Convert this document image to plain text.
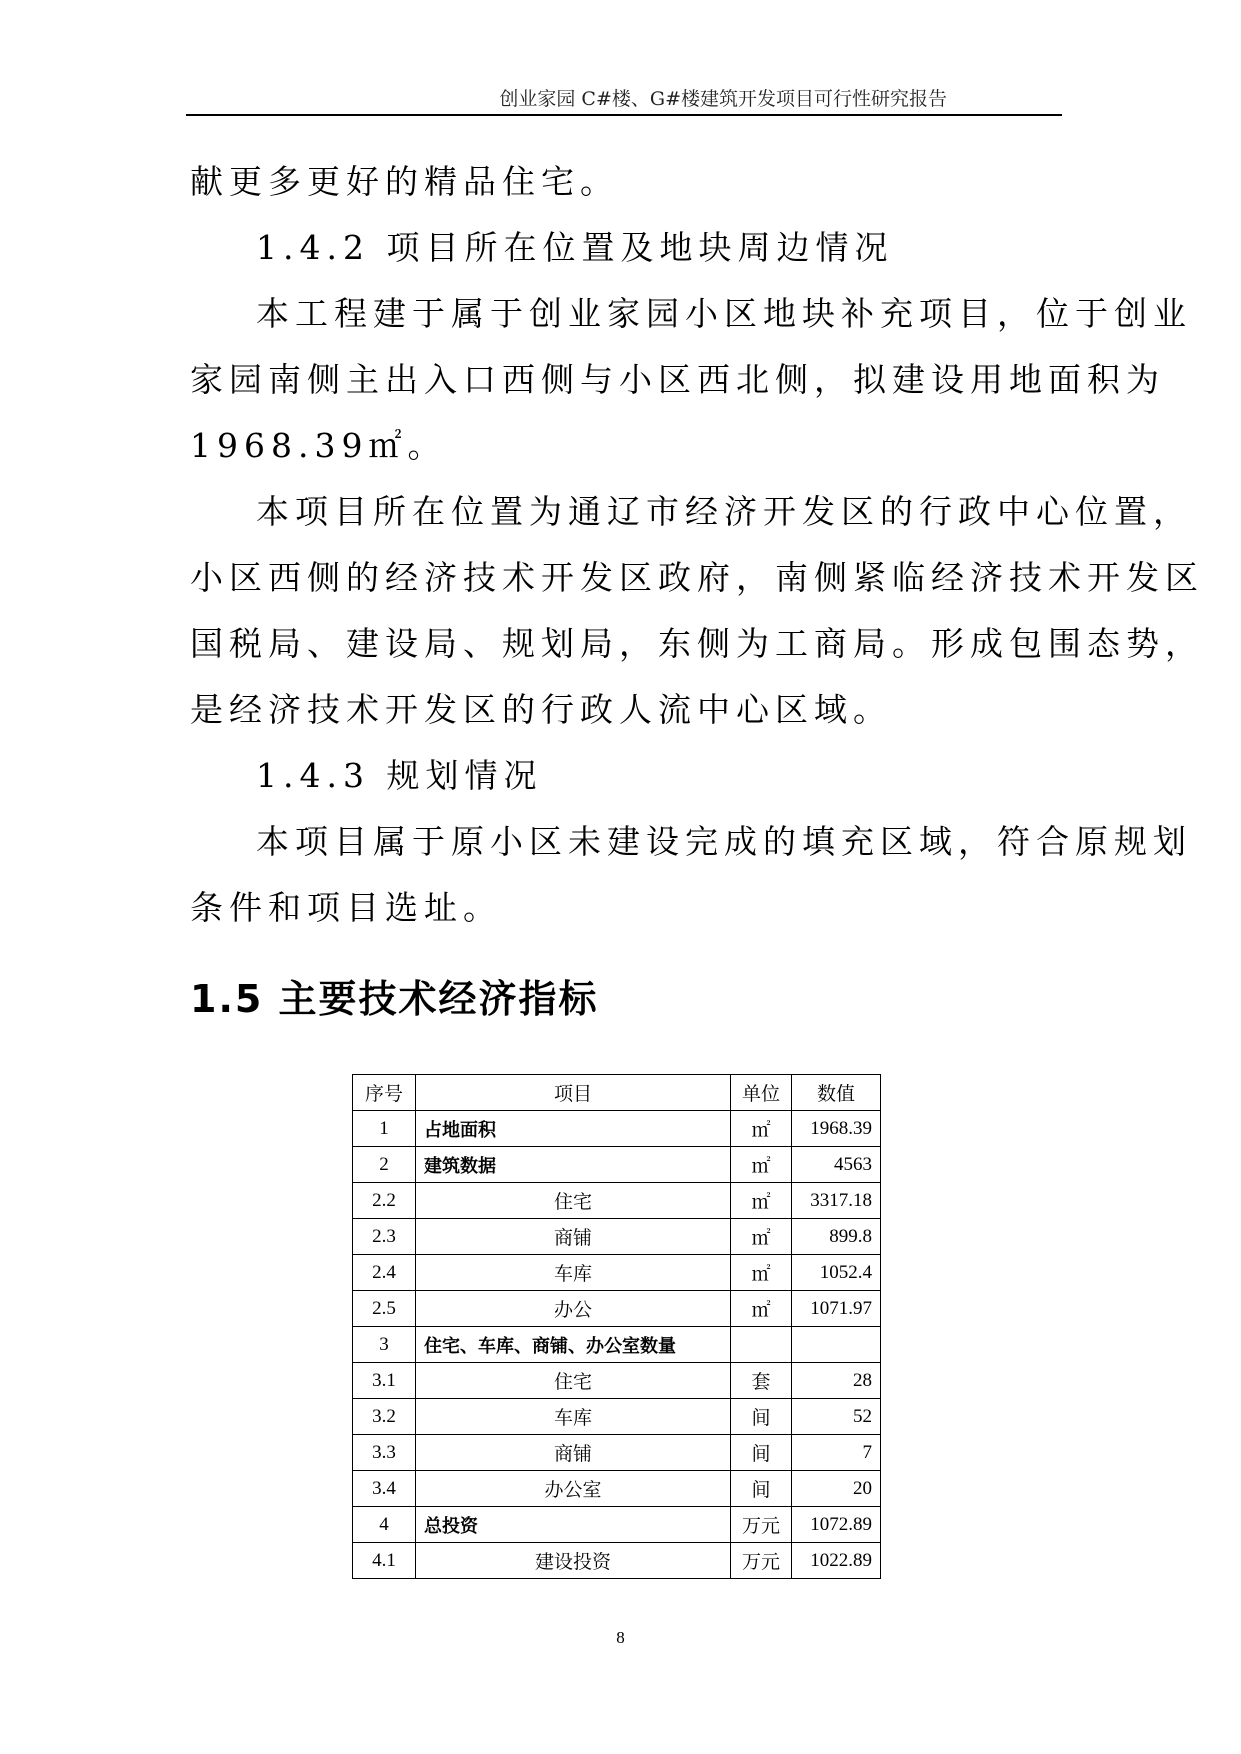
创业家园 C#楼、G#楼建筑开发项目可行性研究报告
献更多更好的精品住宅。
1.4.2 项目所在位置及地块周边情况
本工程建于属于创业家园小区地块补充项目，位于创业
家园南侧主出入口西侧与小区西北侧，拟建设用地面积为
1968.39㎡。
本项目所在位置为通辽市经济开发区的行政中心位置，
小区西侧的经济技术开发区政府，南侧紧临经济技术开发区
国税局、建设局、规划局，东侧为工商局。形成包围态势，
是经济技术开发区的行政人流中心区域。
1.4.3 规划情况
本项目属于原小区未建设完成的填充区域，符合原规划
条件和项目选址。
1.5 主要技术经济指标
序号	项目	单位	数值
1	占地面积	㎡	1968.39
2	建筑数据	㎡	4563
2.2	住宅	㎡	3317.18
2.3	商铺	㎡	899.8
2.4	车库	㎡	1052.4
2.5	办公	㎡	1071.97
3	住宅、车库、商铺、办公室数量		
3.1	住宅	套	28
3.2	车库	间	52
3.3	商铺	间	7
3.4	办公室	间	20
4	总投资	万元	1072.89
4.1	建设投资	万元	1022.89
8
